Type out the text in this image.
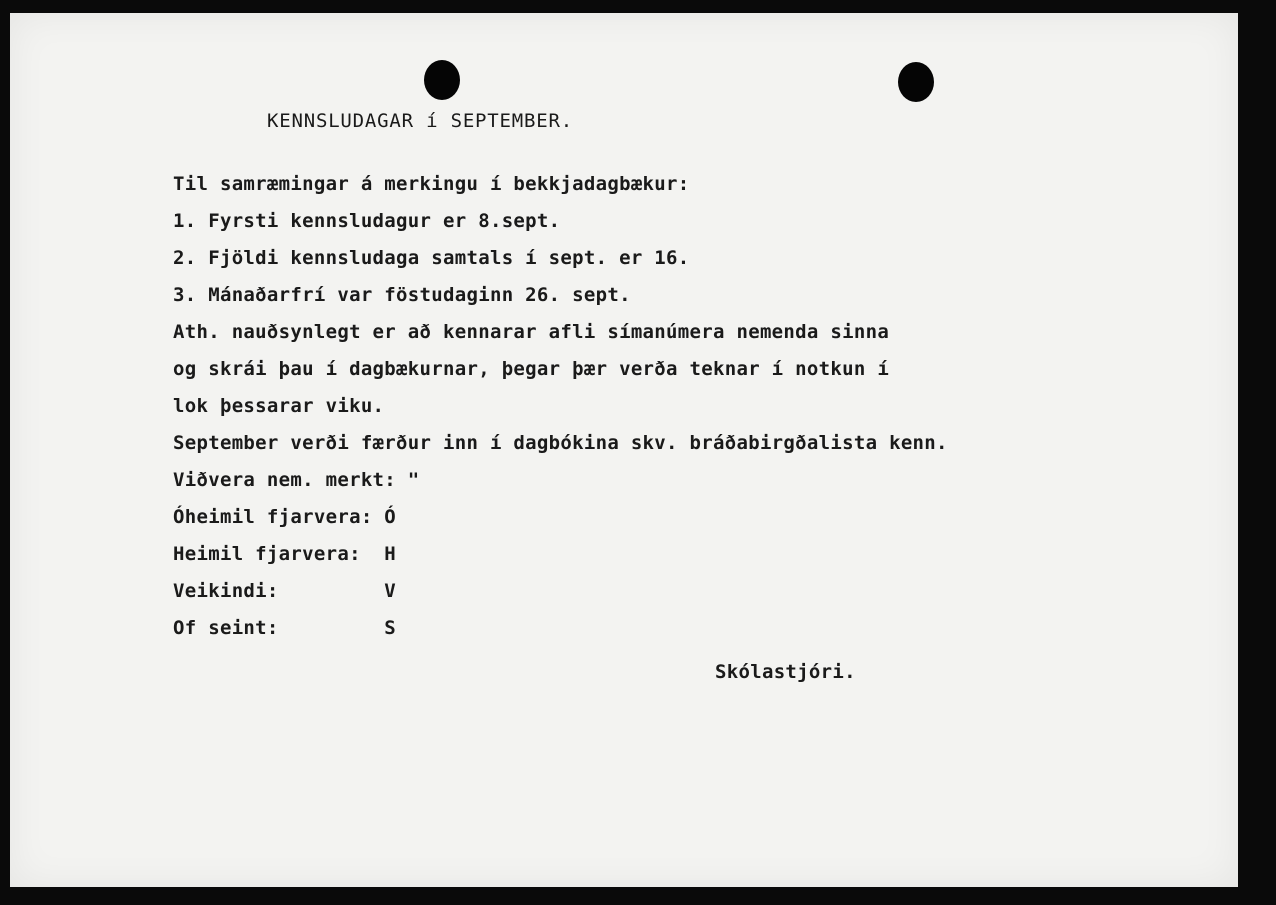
KENNSLUDAGAR í SEPTEMBER.
Til samræmingar á merkingu í bekkjadagbækur:
1. Fyrsti kennsludagur er 8.sept.
2. Fjöldi kennsludaga samtals í sept. er 16.
3. Mánaðarfrí var föstudaginn 26. sept.
Ath. nauðsynlegt er að kennarar afli símanúmera nemenda sinna
og skrái þau í dagbækurnar, þegar þær verða teknar í notkun í
lok þessarar viku.
September verði færður inn í dagbókina skv. bráðabirgðalista kenn.
Viðvera nem. merkt: "
Óheimil fjarvera: Ó
Heimil fjarvera:  H
Veikindi:         V
Of seint:         S
Skólastjóri.
